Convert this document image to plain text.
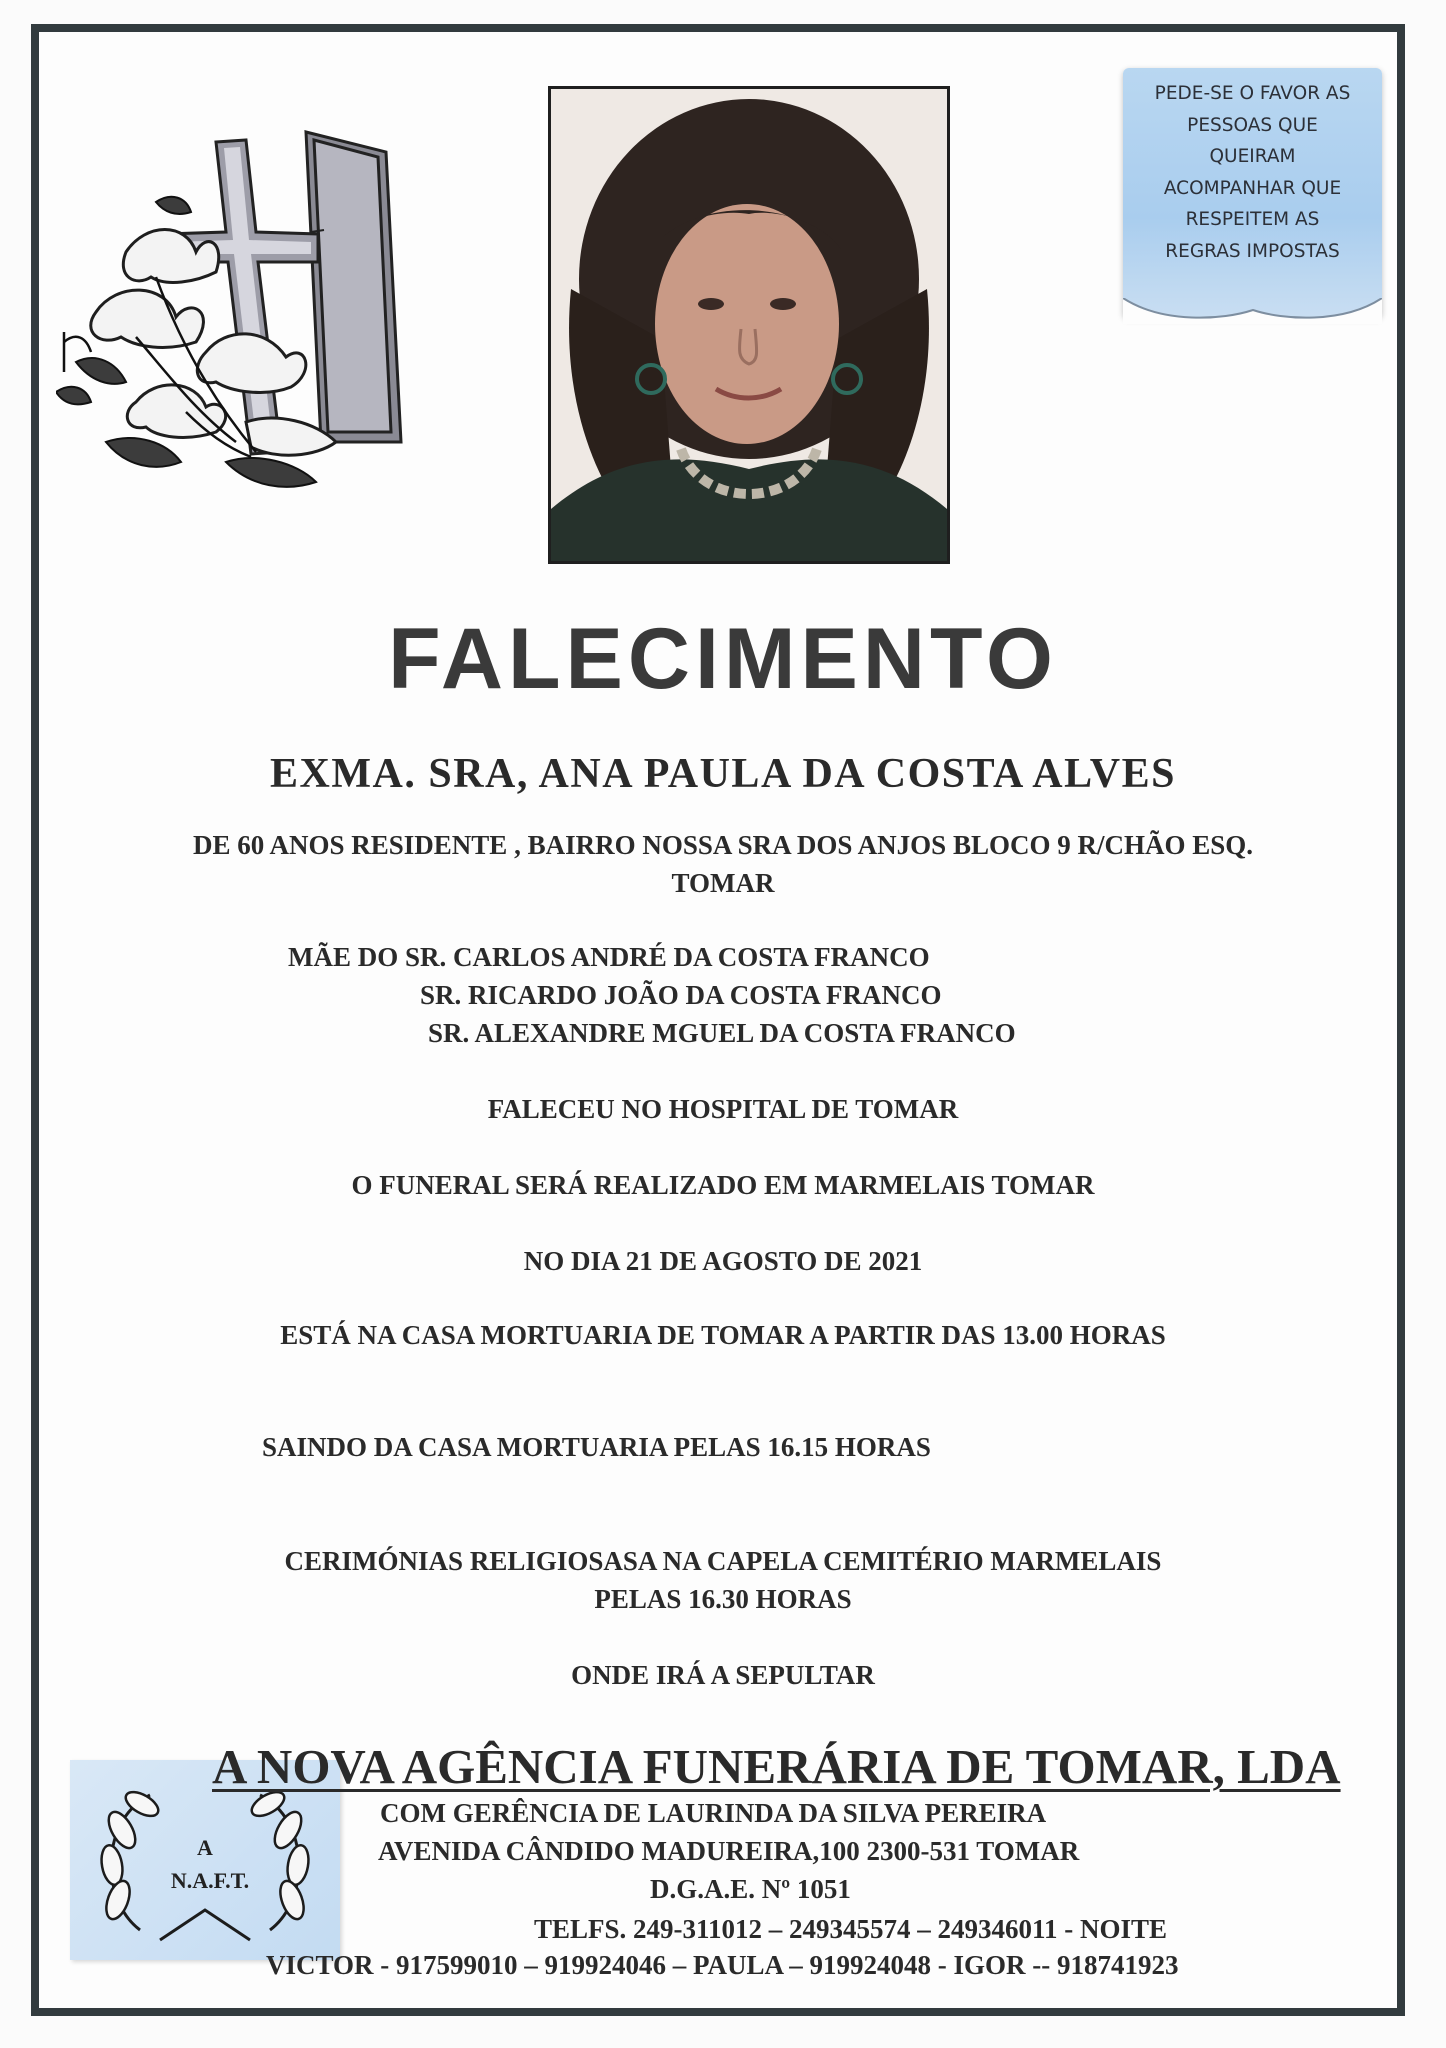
PEDE-SE O FAVOR AS
PESSOAS QUE
QUEIRAM
ACOMPANHAR QUE
RESPEITEM AS
REGRAS IMPOSTAS
FALECIMENTO
EXMA. SRA, ANA PAULA DA COSTA ALVES
DE 60 ANOS RESIDENTE , BAIRRO NOSSA SRA DOS ANJOS BLOCO 9 R/CHÃO ESQ.
TOMAR
MÃE DO SR. CARLOS ANDRÉ DA COSTA FRANCO
SR. RICARDO JOÃO DA COSTA FRANCO
SR. ALEXANDRE MGUEL DA COSTA FRANCO
FALECEU NO HOSPITAL DE TOMAR
O FUNERAL SERÁ REALIZADO EM MARMELAIS TOMAR
NO DIA 21 DE AGOSTO DE 2021
ESTÁ NA CASA MORTUARIA DE TOMAR A PARTIR DAS 13.00 HORAS
SAINDO DA CASA MORTUARIA PELAS 16.15 HORAS
CERIMÓNIAS RELIGIOSASA NA CAPELA CEMITÉRIO MARMELAIS
PELAS 16.30 HORAS
ONDE IRÁ A SEPULTAR
A
N.A.F.T.
A NOVA AGÊNCIA FUNERÁRIA DE TOMAR, LDA
COM GERÊNCIA DE LAURINDA DA SILVA PEREIRA
AVENIDA CÂNDIDO MADUREIRA,100 2300-531 TOMAR
D.G.A.E. Nº 1051
TELFS. 249-311012 – 249345574 – 249346011 - NOITE
VICTOR - 917599010 – 919924046 – PAULA – 919924048 - IGOR -- 918741923
